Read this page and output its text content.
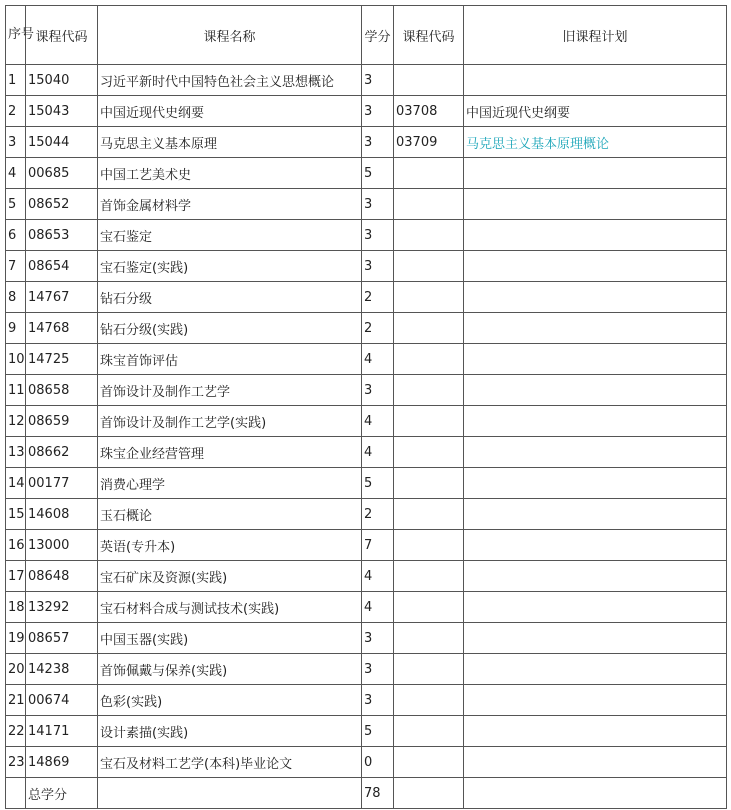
序号	课程代码	课程名称	学分	课程代码	旧课程计划
1	15040	习近平新时代中国特色社会主义思想概论	3		
2	15043	中国近现代史纲要	3	03708	中国近现代史纲要
3	15044	马克思主义基本原理	3	03709	马克思主义基本原理概论
4	00685	中国工艺美术史	5		
5	08652	首饰金属材料学	3		
6	08653	宝石鉴定	3		
7	08654	宝石鉴定(实践)	3		
8	14767	钻石分级	2		
9	14768	钻石分级(实践)	2		
10	14725	珠宝首饰评估	4		
11	08658	首饰设计及制作工艺学	3		
12	08659	首饰设计及制作工艺学(实践)	4		
13	08662	珠宝企业经营管理	4		
14	00177	消费心理学	5		
15	14608	玉石概论	2		
16	13000	英语(专升本)	7		
17	08648	宝石矿床及资源(实践)	4		
18	13292	宝石材料合成与测试技术(实践)	4		
19	08657	中国玉器(实践)	3		
20	14238	首饰佩戴与保养(实践)	3		
21	00674	色彩(实践)	3		
22	14171	设计素描(实践)	5		
23	14869	宝石及材料工艺学(本科)毕业论文	0		
	总学分		78		
